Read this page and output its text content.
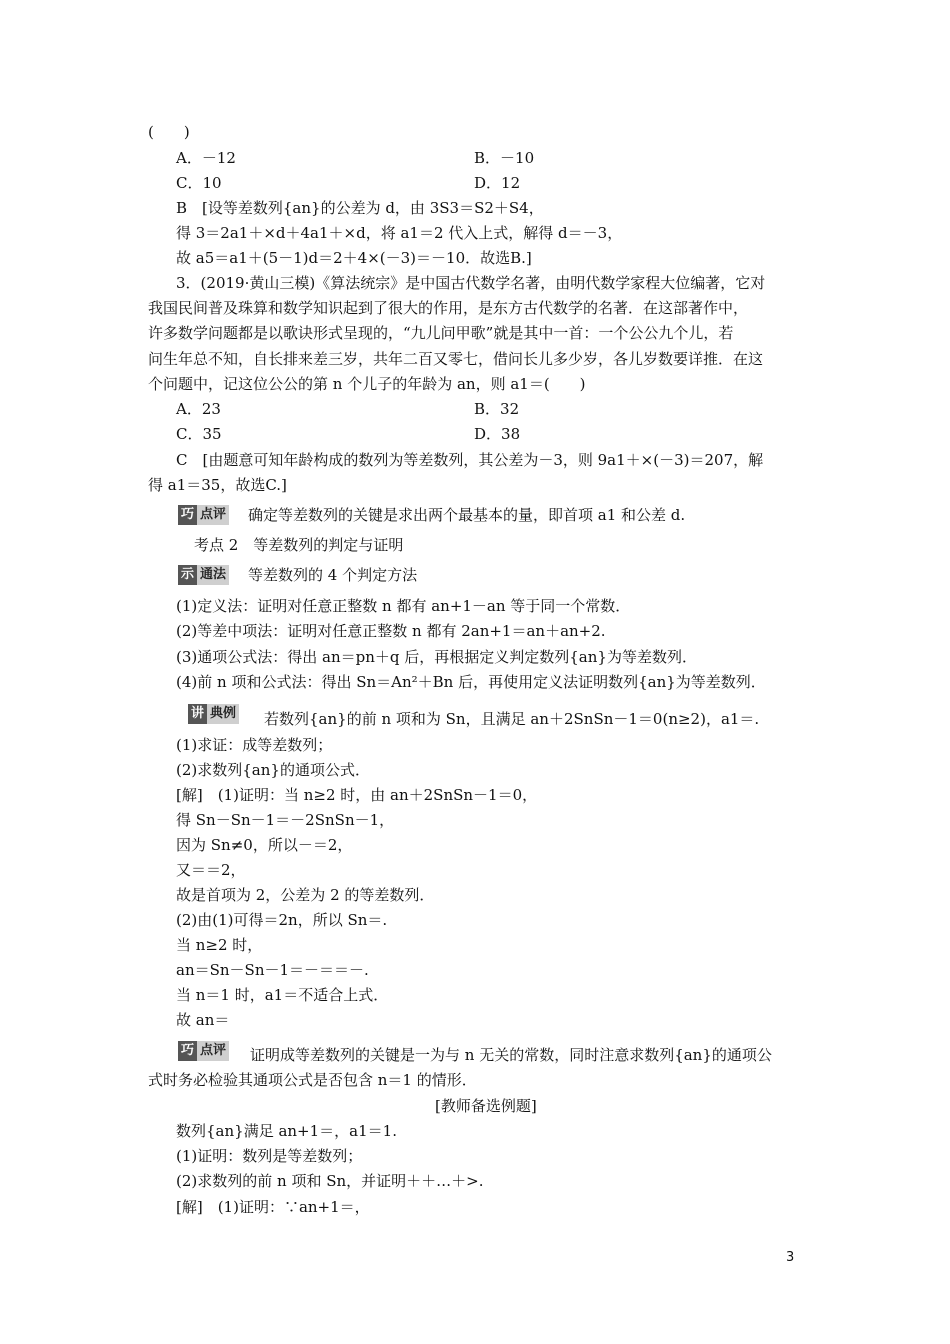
(　　)
A．－12	B．－10
C．10	D．12
B　[设等差数列{an}的公差为 d，由 3S3＝S2＋S4，
得 3＝2a1＋×d＋4a1＋×d，将 a1＝2 代入上式，解得 d＝－3，
故 a5＝a1＋(5－1)d＝2＋4×(－3)＝－10．故选B.]
3．(2019·黄山三模)《算法统宗》是中国古代数学名著，由明代数学家程大位编著，它对
我国民间普及珠算和数学知识起到了很大的作用，是东方古代数学的名著．在这部著作中，
许多数学问题都是以歌诀形式呈现的，“九儿问甲歌”就是其中一首：一个公公九个儿，若
问生年总不知，自长排来差三岁，共年二百又零七，借问长儿多少岁，各儿岁数要详推．在这
个问题中，记这位公公的第 n 个儿子的年龄为 an，则 a1＝(　　)
A．23	B．32
C．35	D．38
C　[由题意可知年龄构成的数列为等差数列，其公差为－3，则 9a1＋×(－3)＝207，解
得 a1＝35，故选C.]
巧 点评 确定等差数列的关键是求出两个最基本的量，即首项 a1 和公差 d.
考点 2　等差数列的判定与证明
示 通法 等差数列的 4 个判定方法
(1)定义法：证明对任意正整数 n 都有 an+1－an 等于同一个常数．
(2)等差中项法：证明对任意正整数 n 都有 2an+1＝an＋an+2.
(3)通项公式法：得出 an＝pn＋q 后，再根据定义判定数列{an}为等差数列．
(4)前 n 项和公式法：得出 Sn＝An²＋Bn 后，再使用定义法证明数列{an}为等差数列．
讲 典例 若数列{an}的前 n 项和为 Sn，且满足 an＋2SnSn－1＝0(n≥2)，a1＝.
(1)求证：成等差数列；
(2)求数列{an}的通项公式．
[解]　(1)证明：当 n≥2 时，由 an＋2SnSn－1＝0，
得 Sn－Sn－1＝－2SnSn－1，
因为 Sn≠0，所以－＝2，
又＝＝2，
故是首项为 2，公差为 2 的等差数列．
(2)由(1)可得＝2n，所以 Sn＝.
当 n≥2 时，
an＝Sn－Sn－1＝－＝＝－.
当 n＝1 时，a1＝不适合上式．
故 an＝
巧 点评 证明成等差数列的关键是一为与 n 无关的常数，同时注意求数列{an}的通项公
式时务必检验其通项公式是否包含 n＝1 的情形．
[教师备选例题]
数列{an}满足 an+1＝，a1＝1.
(1)证明：数列是等差数列；
(2)求数列的前 n 项和 Sn，并证明＋＋…＋>.
[解]　(1)证明：∵an+1＝，
3
